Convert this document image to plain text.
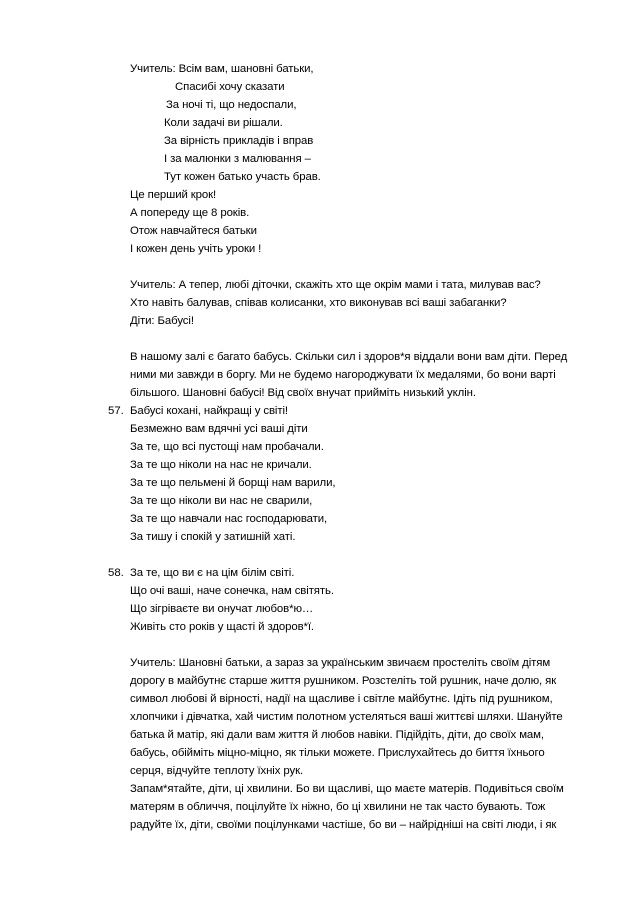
Учитель: Всім вам, шановні батьки,
Спасибі хочу сказати
За ночі ті, що недоспали,
Коли задачі ви рішали.
За вірність прикладів і вправ
І за малюнки з малювання –
Тут кожен батько участь брав.
Це перший крок!
А попереду ще 8 років.
Отож навчайтеся батьки
І кожен день учіть уроки !
Учитель: А тепер, любі діточки, скажіть хто ще окрім мами і тата, милував вас?
Хто навіть балував, співав колисанки, хто виконував всі ваші забаганки?
Діти: Бабусі!
В нашому залі є багато бабусь. Скільки сил і здоров*я віддали вони вам діти. Перед
ними ми завжди в боргу. Ми не будемо нагороджувати їх медалями, бо вони варті
більшого. Шановні бабусі! Від своїх внучат прийміть низький уклін.
57. Бабусі кохані, найкращі у світі!
Безмежно вам вдячні усі ваші діти
За те, що всі пустощі нам пробачали.
За те що ніколи на нас не кричали.
За те що пельмені й борщі нам варили,
За те що ніколи ви нас не сварили,
За те що навчали нас господарювати,
За тишу і спокій у затишній хаті.
58. За те, що ви є на цім білім світі.
Що очі ваші, наче сонечка, нам світять.
Що зігріваєте ви онучат любов*ю…
Живіть сто років у щасті й здоров*ї.
Учитель: Шановні батьки, а зараз за українським звичаєм простеліть своїм дітям
дорогу в майбутнє старше життя рушником. Розстеліть той рушник, наче долю, як
символ любові й вірності, надії на щасливе і світле майбутнє. Ідіть під рушником,
хлопчики і дівчатка, хай чистим полотном устеляться ваші життєві шляхи. Шануйте
батька й матір, які дали вам життя й любов навіки. Підійдіть, діти, до своїх мам,
бабусь, обійміть міцно-міцно, як тільки можете. Прислухайтесь до биття їхнього
серця, відчуйте теплоту їхніх рук.
Запам*ятайте, діти, ці хвилини. Бо ви щасливі, що маєте матерів. Подивіться своїм
матерям в обличчя, поцілуйте їх ніжно, бо ці хвилини не так часто бувають. Тож
радуйте їх, діти, своїми поцілунками частіше, бо ви – найрідніші на світі люди, і як
